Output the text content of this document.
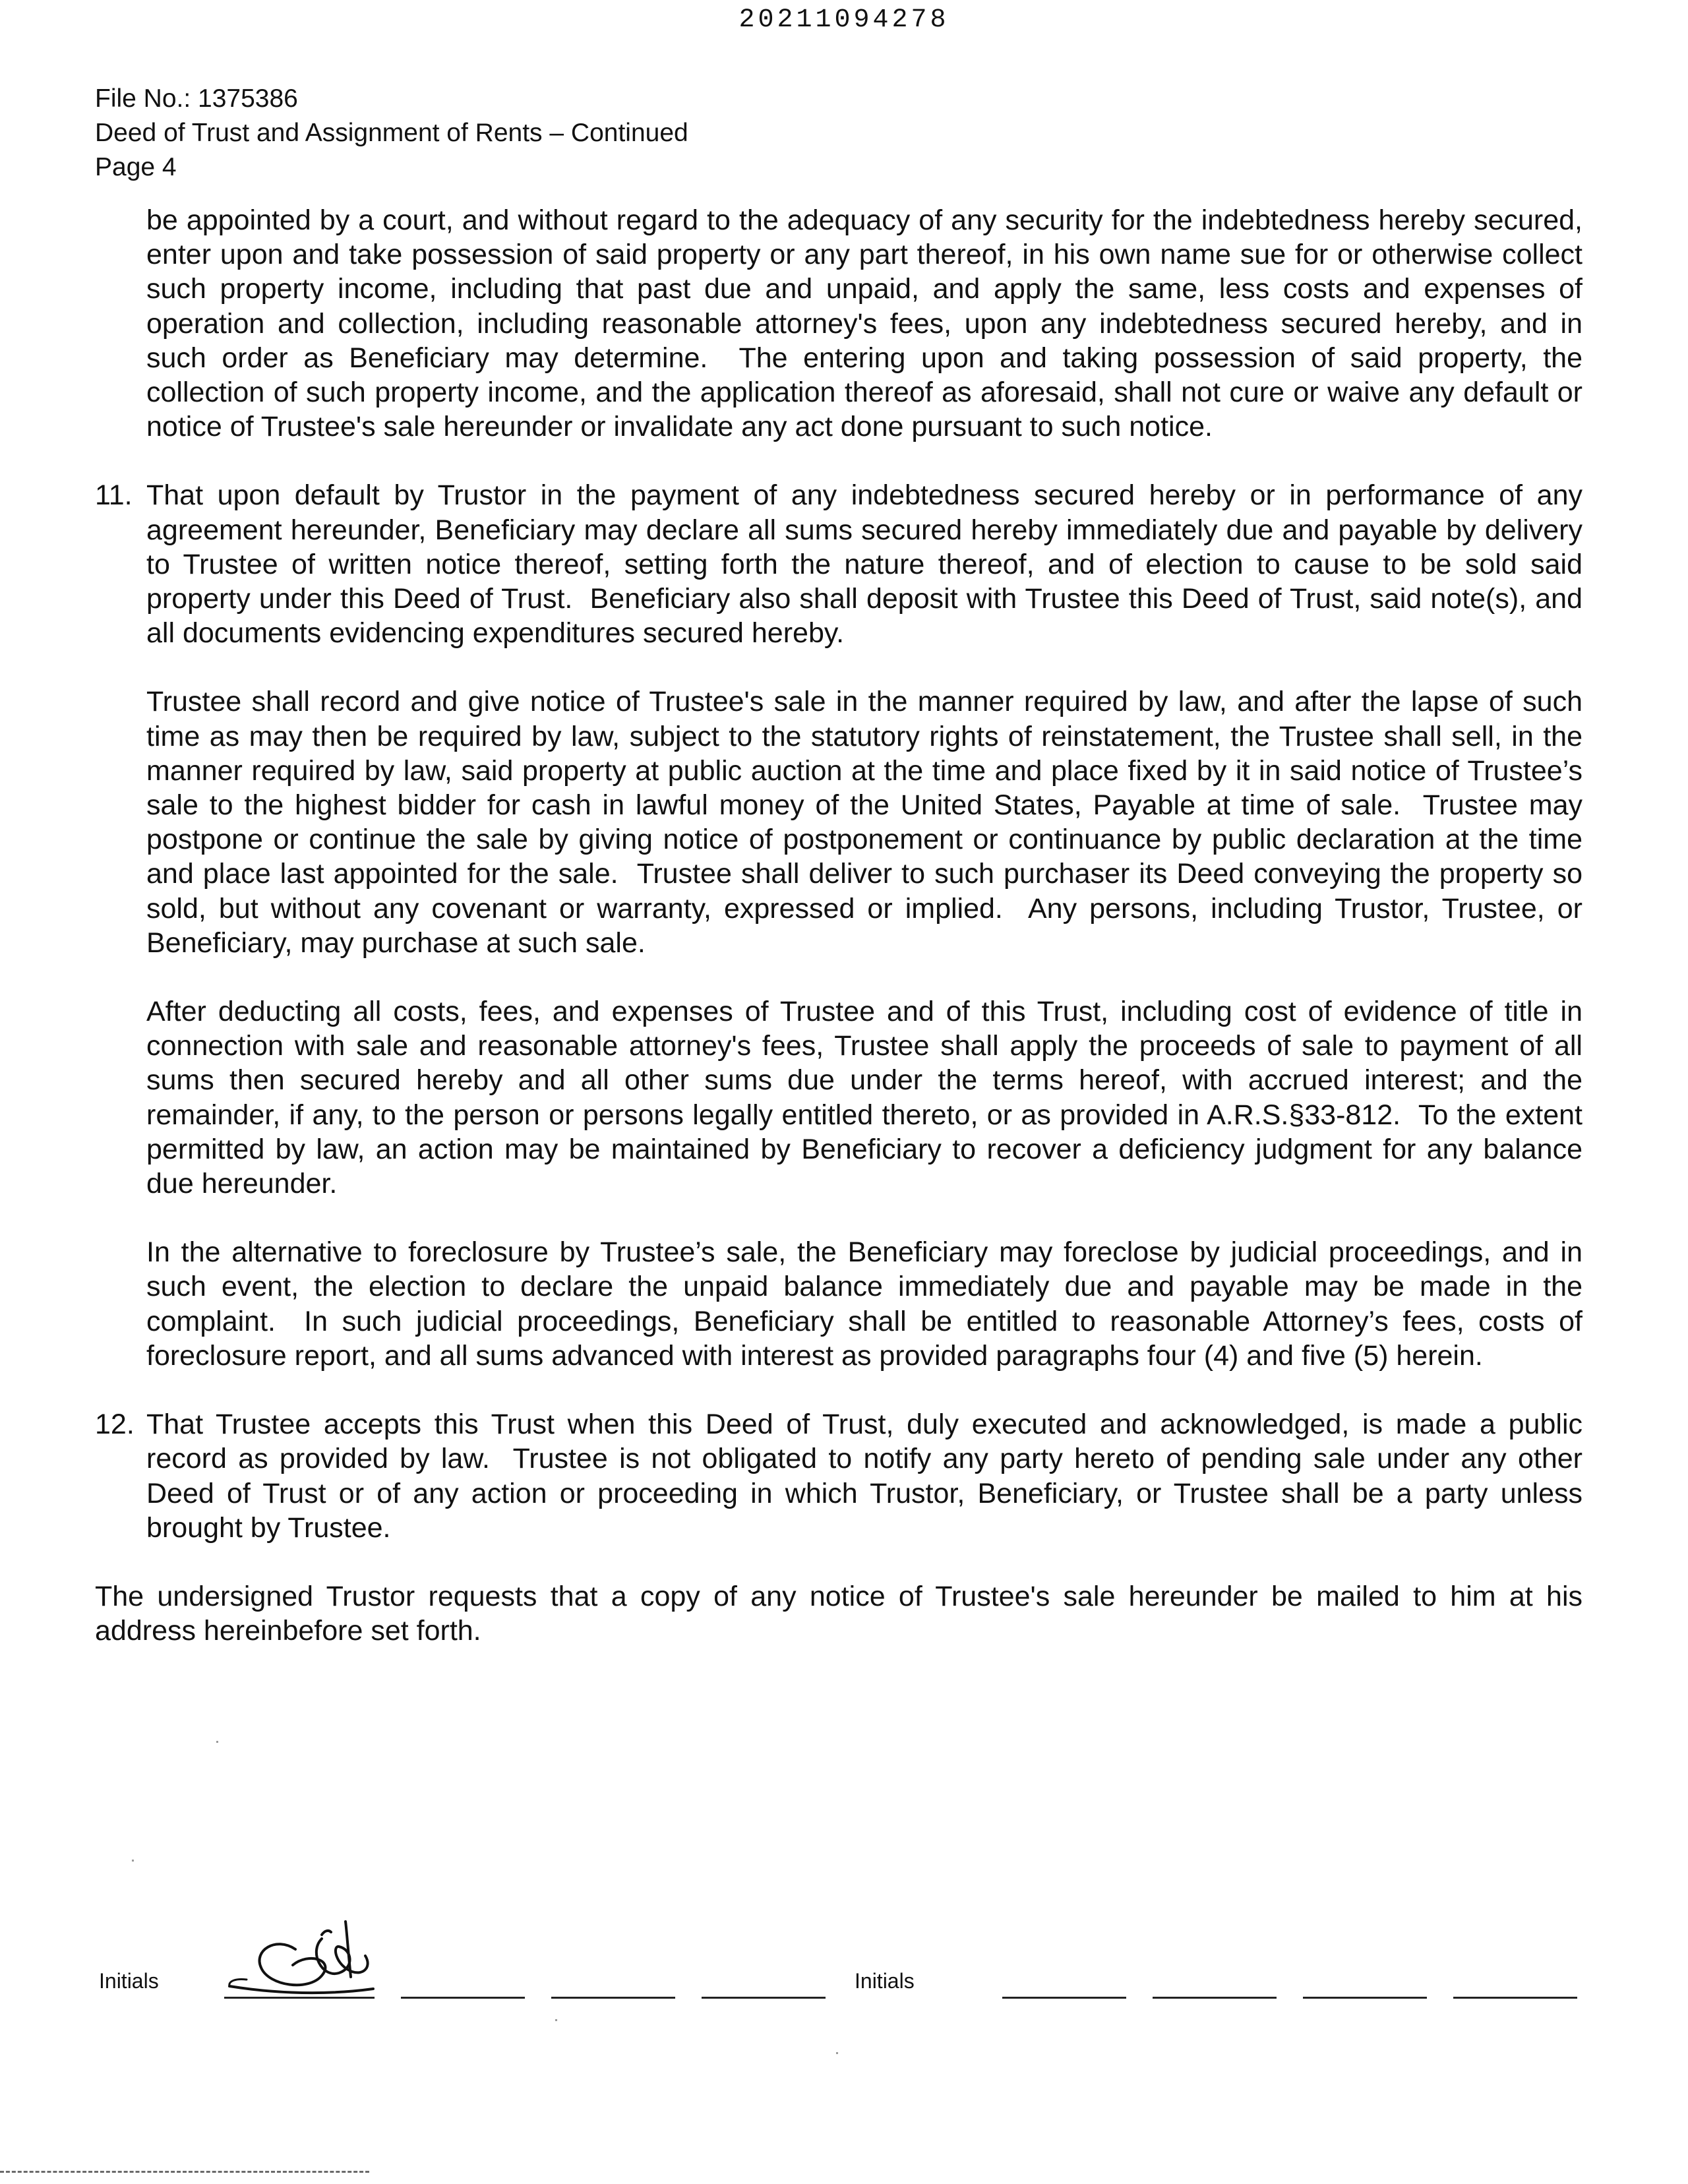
20211094278
File No.: 1375386
Deed of Trust and Assignment of Rents – Continued
Page 4

be appointed by a court, and without regard to the adequacy of any security for the indebtedness hereby secured, enter upon and take possession of said property or any part thereof, in his own name sue for or otherwise collect such property income, including that past due and unpaid, and apply the same, less costs and expenses of operation and collection, including reasonable attorney's fees, upon any indebtedness secured hereby, and in such order as Beneficiary may determine.  The entering upon and taking possession of said property, the collection of such property income, and the application thereof as aforesaid, shall not cure or waive any default or notice of Trustee's sale hereunder or invalidate any act done pursuant to such notice.

11. That upon default by Trustor in the payment of any indebtedness secured hereby or in performance of any agreement hereunder, Beneficiary may declare all sums secured hereby immediately due and payable by delivery to Trustee of written notice thereof, setting forth the nature thereof, and of election to cause to be sold said property under this Deed of Trust.  Beneficiary also shall deposit with Trustee this Deed of Trust, said note(s), and all documents evidencing expenditures secured hereby.

Trustee shall record and give notice of Trustee's sale in the manner required by law, and after the lapse of such time as may then be required by law, subject to the statutory rights of reinstatement, the Trustee shall sell, in the manner required by law, said property at public auction at the time and place fixed by it in said notice of Trustee’s sale to the highest bidder for cash in lawful money of the United States, Payable at time of sale.  Trustee may postpone or continue the sale by giving notice of postponement or continuance by public declaration at the time and place last appointed for the sale.  Trustee shall deliver to such purchaser its Deed conveying the property so sold, but without any covenant or warranty, expressed or implied.  Any persons, including Trustor, Trustee, or Beneficiary, may purchase at such sale.

After deducting all costs, fees, and expenses of Trustee and of this Trust, including cost of evidence of title in connection with sale and reasonable attorney's fees, Trustee shall apply the proceeds of sale to payment of all sums then secured hereby and all other sums due under the terms hereof, with accrued interest; and the remainder, if any, to the person or persons legally entitled thereto, or as provided in A.R.S.§33-812.  To the extent permitted by law, an action may be maintained by Beneficiary to recover a deficiency judgment for any balance due hereunder.

In the alternative to foreclosure by Trustee’s sale, the Beneficiary may foreclose by judicial proceedings, and in such event, the election to declare the unpaid balance immediately due and payable may be made in the complaint.  In such judicial proceedings, Beneficiary shall be entitled to reasonable Attorney’s fees, costs of foreclosure report, and all sums advanced with interest as provided paragraphs four (4) and five (5) herein.

12. That Trustee accepts this Trust when this Deed of Trust, duly executed and acknowledged, is made a public record as provided by law.  Trustee is not obligated to notify any party hereto of pending sale under any other Deed of Trust or of any action or proceeding in which Trustor, Beneficiary, or Trustee shall be a party unless brought by Trustee.

The undersigned Trustor requests that a copy of any notice of Trustee's sale hereunder be mailed to him at his address hereinbefore set forth.

Initials	Initials
